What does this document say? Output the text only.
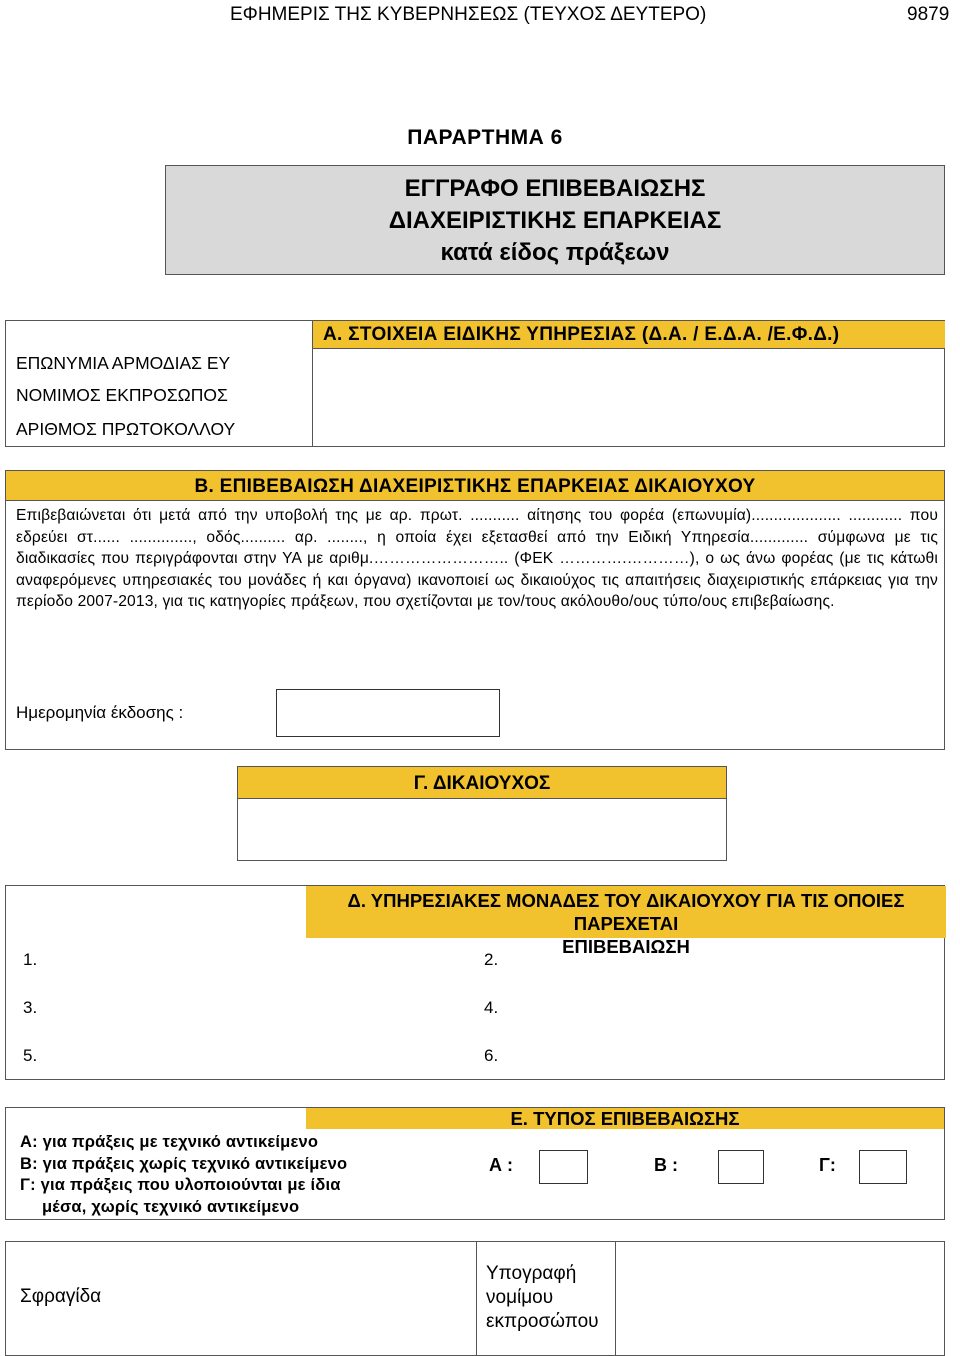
ΕΦΗΜΕΡΙΣ ΤΗΣ ΚΥΒΕΡΝΗΣΕΩΣ (ΤΕΥΧΟΣ ΔΕΥΤΕΡΟ)	9879
ΠΑΡΑΡΤΗΜΑ 6
ΕΓΓΡΑΦΟ ΕΠΙΒΕΒΑΙΩΣΗΣ
ΔΙΑΧΕΙΡΙΣΤΙΚΗΣ ΕΠΑΡΚΕΙΑΣ
κατά είδος πράξεων
Α. ΣΤΟΙΧΕΙΑ ΕΙΔΙΚΗΣ ΥΠΗΡΕΣΙΑΣ (Δ.Α. / Ε.Δ.Α. /Ε.Φ.Δ.)
ΕΠΩΝΥΜΙΑ ΑΡΜΟΔΙΑΣ ΕΥ
ΝΟΜΙΜΟΣ ΕΚΠΡΟΣΩΠΟΣ
ΑΡΙΘΜΟΣ ΠΡΩΤΟΚΟΛΛΟΥ
Β. ΕΠΙΒΕΒΑΙΩΣΗ ΔΙΑΧΕΙΡΙΣΤΙΚΗΣ ΕΠΑΡΚΕΙΑΣ ΔΙΚΑΙΟΥΧΟΥ
Επιβεβαιώνεται ότι μετά από την υποβολή της με αρ. πρωτ. ........... αίτησης του φορέα (επωνυμία).................... ............ που εδρεύει στ...... .............., οδός.......... αρ. ........, η οποία έχει εξετασθεί από την Ειδική Υπηρεσία............. σύμφωνα με τις διαδικασίες που περιγράφονται στην ΥΑ με αριθμ.…………………….. (ΦΕΚ ………….…………), ο ως άνω φορέας (με τις κάτωθι αναφερόμενες υπηρεσιακές του μονάδες ή και όργανα) ικανοποιεί ως δικαιούχος τις απαιτήσεις διαχειριστικής επάρκειας για την περίοδο 2007-2013, για τις κατηγορίες πράξεων, που σχετίζονται με τον/τους ακόλουθο/ους τύπο/ους επιβεβαίωσης.
Ημερομηνία έκδοσης :
Γ. ΔΙΚΑΙΟΥΧΟΣ
Δ. ΥΠΗΡΕΣΙΑΚΕΣ ΜΟΝΑΔΕΣ ΤΟΥ ΔΙΚΑΙΟΥΧΟΥ ΓΙΑ ΤΙΣ ΟΠΟΙΕΣ ΠΑΡΕΧΕΤΑΙ
ΕΠΙΒΕΒΑΙΩΣΗ
1.	2.
3.	4.
5.	6.
Ε. ΤΥΠΟΣ ΕΠΙΒΕΒΑΙΩΣΗΣ
Α: για πράξεις με τεχνικό αντικείμενο
Β: για πράξεις χωρίς τεχνικό αντικείμενο
Γ: για πράξεις που υλοποιούνται με ίδια
μέσα, χωρίς τεχνικό αντικείμενο
Α :	Β :	Γ:
Σφραγίδα
Υπογραφή
νομίμου
εκπροσώπου
